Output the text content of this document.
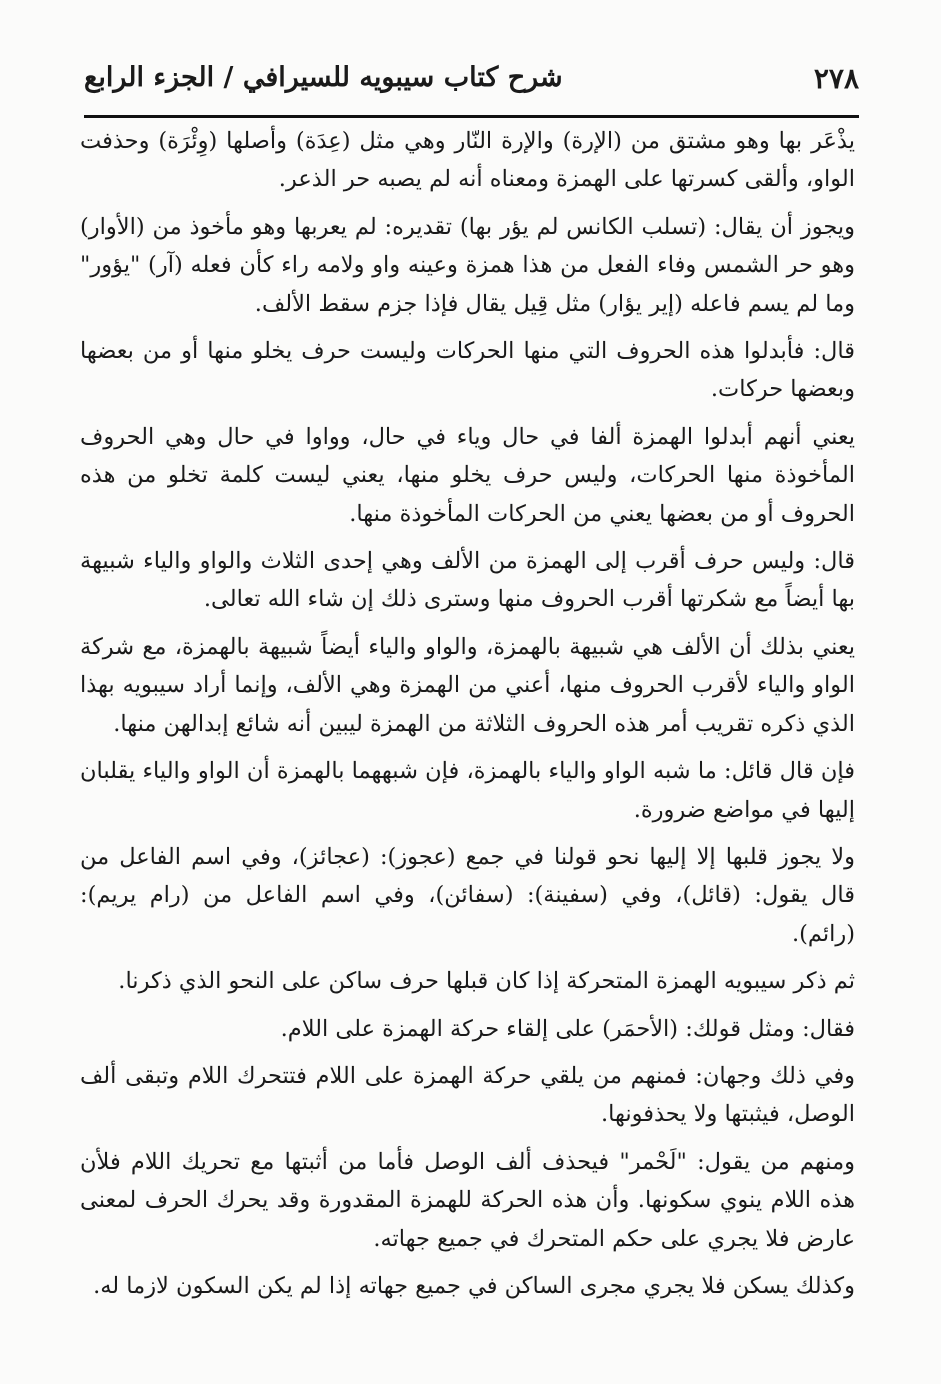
٢٧٨
شرح كتاب سيبويه للسيرافي / الجزء الرابع

يذْعَر بها وهو مشتق من (الإرة) والإرة النّار وهي مثل (عِدَة) وأصلها (وِئْرَة) وحذفت الواو، وألقى كسرتها على الهمزة ومعناه أنه لم يصبه حر الذعر.

ويجوز أن يقال: (تسلب الكانس لم يؤر بها) تقديره: لم يعربها وهو مأخوذ من (الأوار) وهو حر الشمس وفاء الفعل من هذا همزة وعينه واو ولامه راء كأن فعله (آر) "يؤور" وما لم يسم فاعله (إير يؤار) مثل قِيل يقال فإذا جزم سقط الألف.

قال: فأبدلوا هذه الحروف التي منها الحركات وليست حرف يخلو منها أو من بعضها وبعضها حركات.

يعني أنهم أبدلوا الهمزة ألفا في حال وياء في حال، وواوا في حال وهي الحروف المأخوذة منها الحركات، وليس حرف يخلو منها، يعني ليست كلمة تخلو من هذه الحروف أو من بعضها يعني من الحركات المأخوذة منها.

قال: وليس حرف أقرب إلى الهمزة من الألف وهي إحدى الثلاث والواو والياء شبيهة بها أيضاً مع شكرتها أقرب الحروف منها وسترى ذلك إن شاء الله تعالى.

يعني بذلك أن الألف هي شبيهة بالهمزة، والواو والياء أيضاً شبيهة بالهمزة، مع شركة الواو والياء لأقرب الحروف منها، أعني من الهمزة وهي الألف، وإنما أراد سيبويه بهذا الذي ذكره تقريب أمر هذه الحروف الثلاثة من الهمزة ليبين أنه شائع إبدالهن منها.

فإن قال قائل: ما شبه الواو والياء بالهمزة، فإن شبههما بالهمزة أن الواو والياء يقلبان إليها في مواضع ضرورة.

ولا يجوز قلبها إلا إليها نحو قولنا في جمع (عجوز): (عجائز)، وفي اسم الفاعل من قال يقول: (قائل)، وفي (سفينة): (سفائن)، وفي اسم الفاعل من (رام يريم): (رائم).

ثم ذكر سيبويه الهمزة المتحركة إذا كان قبلها حرف ساكن على النحو الذي ذكرنا.

فقال: ومثل قولك: (الأحمَر) على إلقاء حركة الهمزة على اللام.

وفي ذلك وجهان: فمنهم من يلقي حركة الهمزة على اللام فتتحرك اللام وتبقى ألف الوصل، فيثبتها ولا يحذفونها.

ومنهم من يقول: "لَحْمر" فيحذف ألف الوصل فأما من أثبتها مع تحريك اللام فلأن هذه اللام ينوي سكونها. وأن هذه الحركة للهمزة المقدورة وقد يحرك الحرف لمعنى عارض فلا يجري على حكم المتحرك في جميع جهاته.

وكذلك يسكن فلا يجري مجرى الساكن في جميع جهاته إذا لم يكن السكون لازما له.
